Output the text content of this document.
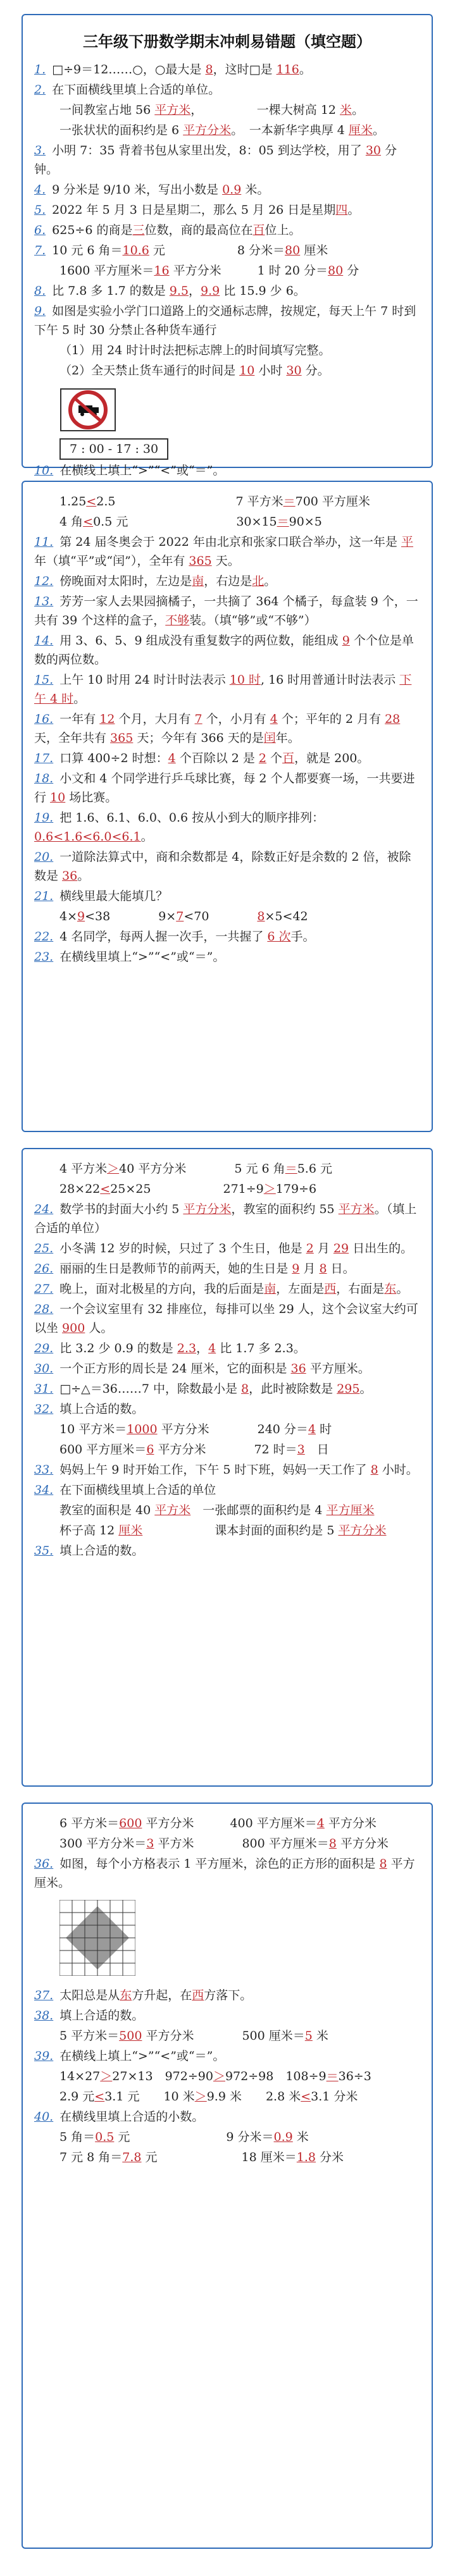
三年级下册数学期末冲刺易错题（填空题）
1. □÷9＝12……○，○最大是 8，这时□是 116。
2. 在下面横线里填上合适的单位。
一间教室占地 56 平方米，　　　　　一棵大树高 12 米。
一张状状的面积约是 6 平方分米。　一本新华字典厚 4 厘米。
3. 小明 7：35 背着书包从家里出发，8：05 到达学校，用了 30 分钟。
4. 9 分米是 9/10 米，写出小数是 0.9 米。
5. 2022 年 5 月 3 日是星期二，那么 5 月 26 日是星期四。
6. 625÷6 的商是三位数，商的最高位在百位上。
7. 10 元 6 角＝10.6 元　　　　　　8 分米＝80 厘米
1600 平方厘米＝16 平方分米　　　1 时 20 分＝80 分
8. 比 7.8 多 1.7 的数是 9.5，9.9 比 15.9 少 6。
9. 如图是实验小学门口道路上的交通标志牌，按规定，每天上午 7 时到下午 5 时 30 分禁止各种货车通行
（1）用 24 时计时法把标志牌上的时间填写完整。
（2）全天禁止货车通行的时间是 10 小时 30 分。
7 : 00 - 17 : 30
10. 在横线上填上“>”“<”或“＝”。
1.25<2.5　　　　　　　　　　7 平方米＝700 平方厘米
4 角<0.5 元　　　　　　　　　30×15＝90×5
11. 第 24 届冬奥会于 2022 年由北京和张家口联合举办，这一年是 平年（填“平”或“闰”），全年有 365 天。
12. 傍晚面对太阳时，左边是南，右边是北。
13. 芳芳一家人去果园摘橘子，一共摘了 364 个橘子，每盒装 9 个，一共有 39 个这样的盒子，不够装。（填“够”或“不够”）
14. 用 3、6、5、9 组成没有重复数字的两位数，能组成 9 个个位是单数的两位数。
15. 上午 10 时用 24 时计时法表示 10 时, 16 时用普通计时法表示 下午 4 时。
16. 一年有 12 个月，大月有 7 个，小月有 4 个；平年的 2 月有 28 天，全年共有 365 天；今年有 366 天的是闰年。
17. 口算 400÷2 时想：4 个百除以 2 是 2 个百，就是 200。
18. 小文和 4 个同学进行乒乓球比赛，每 2 个人都要赛一场，一共要进行 10 场比赛。
19. 把 1.6、6.1、6.0、0.6 按从小到大的顺序排列：0.6<1.6<6.0<6.1。
20. 一道除法算式中，商和余数都是 4，除数正好是余数的 2 倍，被除数是 36。
21. 横线里最大能填几？
4×9<38　　　　9×7<70　　　　8×5<42
22. 4 名同学，每两人握一次手，一共握了 6 次手。
23. 在横线里填上“>”“<”或“＝”。
4 平方米＞40 平方分米　　　　5 元 6 角＝5.6 元
28×22<25×25　　　　　　271÷9＞179÷6
24. 数学书的封面大小约 5 平方分米，教室的面积约 55 平方米。（填上合适的单位）
25. 小冬满 12 岁的时候，只过了 3 个生日，他是 2 月 29 日出生的。
26. 丽丽的生日是教师节的前两天，她的生日是 9 月 8 日。
27. 晚上，面对北极星的方向，我的后面是南，左面是西，右面是东。
28. 一个会议室里有 32 排座位，每排可以坐 29 人，这个会议室大约可以坐 900 人。
29. 比 3.2 少 0.9 的数是 2.3，4 比 1.7 多 2.3。
30. 一个正方形的周长是 24 厘米，它的面积是 36 平方厘米。
31. □÷△＝36……7 中，除数最小是 8，此时被除数是 295。
32. 填上合适的数。
10 平方米＝1000 平方分米　　　　240 分＝4 时
600 平方厘米＝6 平方分米　　　　72 时＝3　日
33. 妈妈上午 9 时开始工作，下午 5 时下班，妈妈一天工作了 8 小时。
34. 在下面横线里填上合适的单位
教室的面积是 40 平方米　一张邮票的面积约是 4 平方厘米
杯子高 12 厘米　　　　　　课本封面的面积约是 5 平方分米
35. 填上合适的数。
6 平方米＝600 平方分米　　　400 平方厘米＝4 平方分米
300 平方分米＝3 平方米　　　　800 平方厘米＝8 平方分米
36. 如图，每个小方格表示 1 平方厘米，涂色的正方形的面积是 8 平方厘米。
37. 太阳总是从东方升起，在西方落下。
38. 填上合适的数。
5 平方米＝500 平方分米　　　　500 厘米＝5 米
39. 在横线上填上“>”“<”或“＝”。
14×27＞27×13　972÷90＞972÷98　108÷9＝36÷3
2.9 元<3.1 元　　10 米＞9.9 米　　2.8 米<3.1 分米
40. 在横线里填上合适的小数。
5 角＝0.5 元　　　　　　　　9 分米＝0.9 米
7 元 8 角＝7.8 元　　　　　　　18 厘米＝1.8 分米
